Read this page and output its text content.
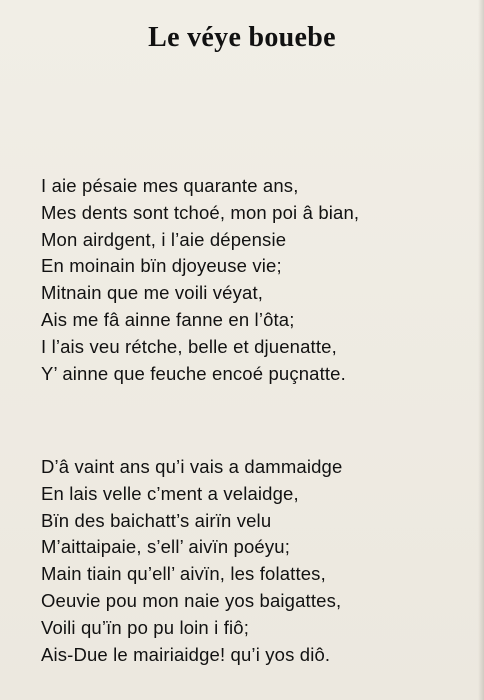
Le véye bouebe
I aie pésaie mes quarante ans,
Mes dents sont tchoé, mon poi â bian,
Mon airdgent, i l’aie dépensie
En moinain bïn djoyeuse vie;
Mitnain que me voili véyat,
Ais me fâ ainne fanne en l’ôta;
I l’ais veu rétche, belle et djuenatte,
Y’ ainne que feuche encoé puçnatte.
D’â vaint ans qu’i vais a dammaidge
En lais velle c’ment a velaidge,
Bïn des baichatt’s airïn velu
M’aittaipaie, s’ell’ aivïn poéyu;
Main tiain qu’ell’ aivïn, les folattes,
Oeuvie pou mon naie yos baigattes,
Voili qu’ïn po pu loin i fiô;
Ais-Due le mairiaidge! qu’i yos diô.
